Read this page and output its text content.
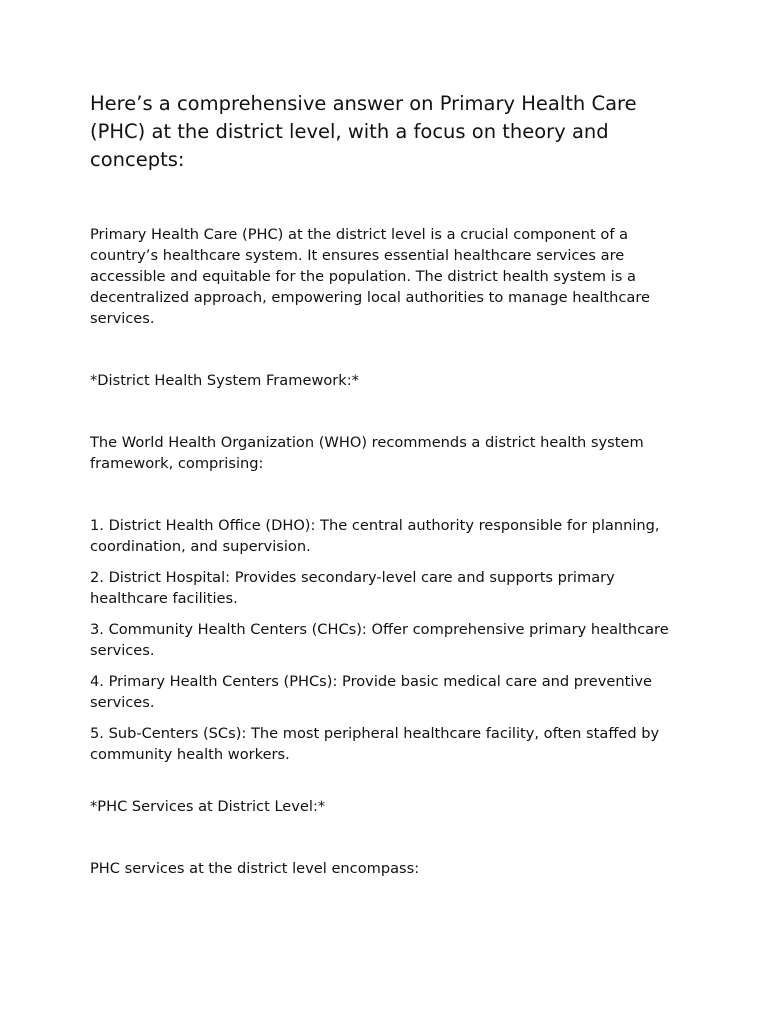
Here’s a comprehensive answer on Primary Health Care (PHC) at the district level, with a focus on theory and concepts:

Primary Health Care (PHC) at the district level is a crucial component of a country’s healthcare system. It ensures essential healthcare services are accessible and equitable for the population. The district health system is a decentralized approach, empowering local authorities to manage healthcare services.

*District Health System Framework:*

The World Health Organization (WHO) recommends a district health system framework, comprising:

1. District Health Office (DHO): The central authority responsible for planning, coordination, and supervision.

2. District Hospital: Provides secondary-level care and supports primary healthcare facilities.

3. Community Health Centers (CHCs): Offer comprehensive primary healthcare services.

4. Primary Health Centers (PHCs): Provide basic medical care and preventive services.

5. Sub-Centers (SCs): The most peripheral healthcare facility, often staffed by community health workers.

*PHC Services at District Level:*

PHC services at the district level encompass:
